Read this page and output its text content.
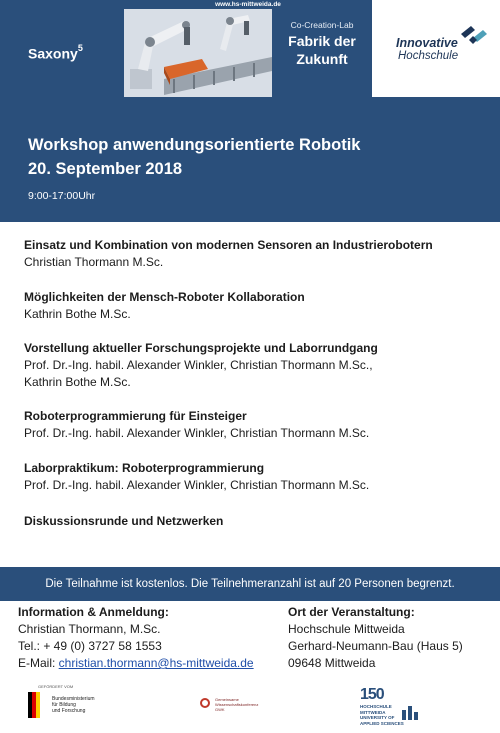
Saxony$^5$
www.hs-mittweida.de
Co-Creation-Lab
Fabrik der
Zukunft
Innovative
Hochschule
Workshop anwendungsorientierte Robotik
20. September 2018
9:00-17:00Uhr
Einsatz und Kombination von modernen Sensoren an Industrierobotern
Christian Thormann M.Sc.
Möglichkeiten der Mensch-Roboter Kollaboration
Kathrin Bothe M.Sc.
Vorstellung aktueller Forschungsprojekte und Laborrundgang
Prof. Dr.-Ing. habil. Alexander Winkler, Christian Thormann M.Sc.,
Kathrin Bothe M.Sc.
Roboterprogrammierung für Einsteiger
Prof. Dr.-Ing. habil. Alexander Winkler, Christian Thormann M.Sc.
Laborpraktikum: Roboterprogrammierung
Prof. Dr.-Ing. habil. Alexander Winkler, Christian Thormann M.Sc.
Diskussionsrunde und Netzwerken
Die Teilnahme ist kostenlos. Die Teilnehmeranzahl ist auf 20 Personen begrenzt.
Information & Anmeldung:
Christian Thormann, M.Sc.
Tel.: + 49 (0) 3727 58 1553
E-Mail: christian.thormann@hs-mittweida.de
Ort der Veranstaltung:
Hochschule Mittweida
Gerhard-Neumann-Bau (Haus 5)
09648 Mittweida
GEFÖRDERT VOM
Bundesministerium
für Bildung
und Forschung
Gemeinsame
Wissenschaftskonferenz
GWK
150
HOCHSCHULE
MITTWEIDA
UNIVERSITY OF
APPLIED SCIENCES
